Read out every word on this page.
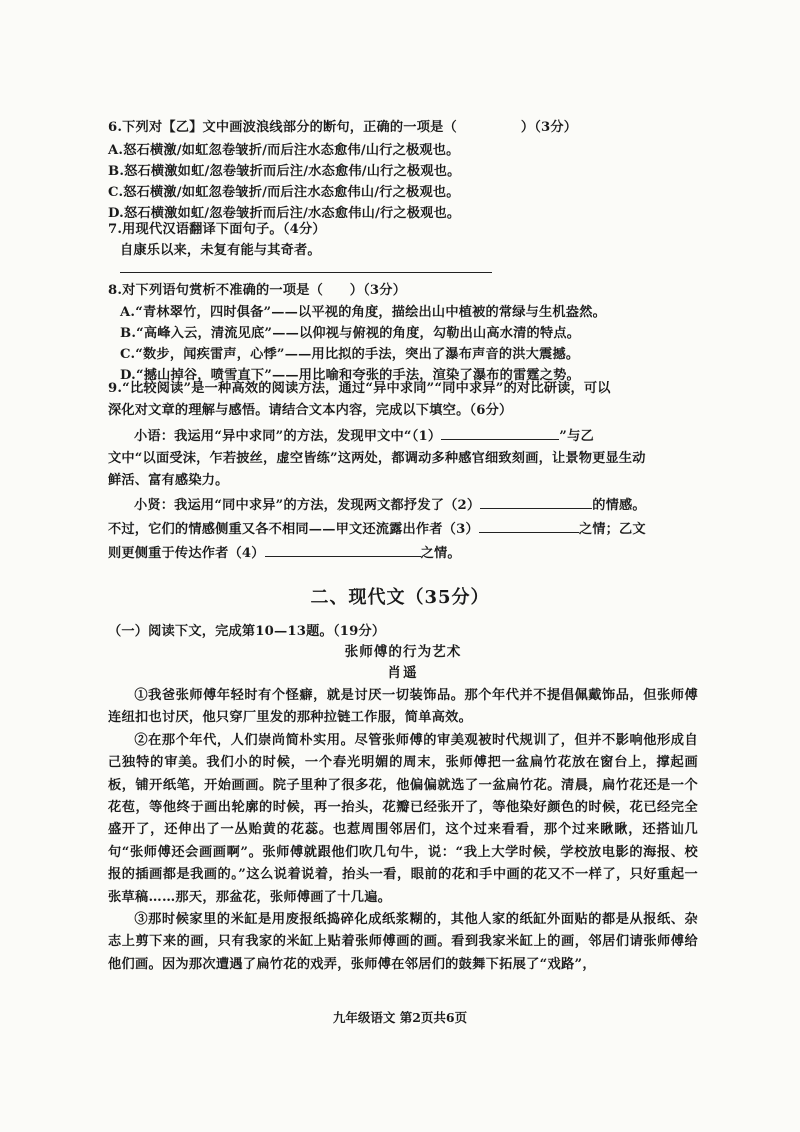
6.下列对【乙】文中画波浪线部分的断句，正确的一项是（	）（3分）
A.怒石横激/如虹忽卷皱折/而后注水态愈伟/山行之极观也。
B.怒石横激如虹/忽卷皱折而后注/水态愈伟/山行之极观也。
C.怒石横激/如虹忽卷皱折/而后注水态愈伟山/行之极观也。
D.怒石横激如虹/忽卷皱折而后注/水态愈伟山/行之极观也。
7.用现代汉语翻译下面句子。（4分）
自康乐以来，未复有能与其奇者。
8.对下列语句赏析不准确的一项是（　　）（3分）
A.“青林翠竹，四时俱备”——以平视的角度，描绘出山中植被的常绿与生机盎然。
B.“高峰入云，清流见底”——以仰视与俯视的角度，勾勒出山高水清的特点。
C.“数步，闻疾雷声，心悸”——用比拟的手法，突出了瀑布声音的洪大震撼。
D.“撼山掉谷，喷雪直下”——用比喻和夸张的手法，渲染了瀑布的雷霆之势。
9.“比较阅读”是一种高效的阅读方法，通过“异中求同”“同中求异”的对比研读，可以
深化对文章的理解与感悟。请结合文本内容，完成以下填空。（6分）
小语：我运用“异中求同”的方法，发现甲文中“（1）	”与乙
文中“以面受沫，乍若披丝，虚空皆练”这两处，都调动多种感官细致刻画，让景物更显生动
鲜活、富有感染力。
小贤：我运用“同中求异”的方法，发现两文都抒发了（2）	的情感。
不过，它们的情感侧重又各不相同——甲文还流露出作者（3）	之情；乙文
则更侧重于传达作者（4）	之情。
二、现代文（35分）
（一）阅读下文，完成第10—13题。（19分）
张师傅的行为艺术
肖遥
①我爸张师傅年轻时有个怪癖，就是讨厌一切装饰品。那个年代并不提倡佩戴饰品，但张师傅连纽扣也讨厌，他只穿厂里发的那种拉链工作服，简单高效。
②在那个年代，人们崇尚简朴实用。尽管张师傅的审美观被时代规训了，但并不影响他形成自己独特的审美。我们小的时候，一个春光明媚的周末，张师傅把一盆扁竹花放在窗台上，撑起画板，铺开纸笔，开始画画。院子里种了很多花，他偏偏就选了一盆扁竹花。清晨，扁竹花还是一个花苞，等他终于画出轮廓的时候，再一抬头，花瓣已经张开了，等他染好颜色的时候，花已经完全盛开了，还伸出了一丛贻黄的花蕊。也惹周围邻居们，这个过来看看，那个过来瞅瞅，还搭讪几句“张师傅还会画画啊”。张师傅就跟他们吹几句牛，说：“我上大学时候，学校放电影的海报、校报的插画都是我画的。”这么说着说着，抬头一看，眼前的花和手中画的花又不一样了，只好重起一张草稿……那天，那盆花，张师傅画了十几遍。
③那时候家里的米缸是用废报纸捣碎化成纸浆糊的，其他人家的纸缸外面贴的都是从报纸、杂志上剪下来的画，只有我家的米缸上贴着张师傅画的画。看到我家米缸上的画，邻居们请张师傅给他们画。因为那次遭遇了扁竹花的戏弄，张师傅在邻居们的鼓舞下拓展了“戏路”，
九年级语文 第2页共6页
